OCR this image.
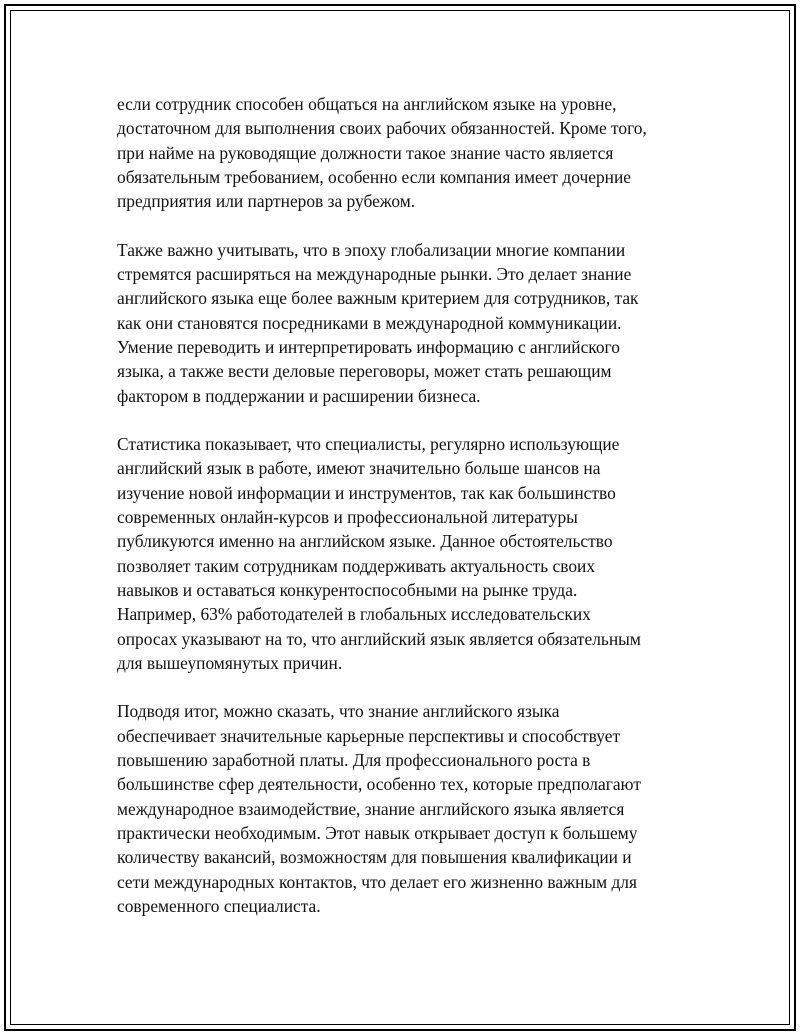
если сотрудник способен общаться на английском языке на уровне,
достаточном для выполнения своих рабочих обязанностей. Кроме того,
при найме на руководящие должности такое знание часто является
обязательным требованием, особенно если компания имеет дочерние
предприятия или партнеров за рубежом.

Также важно учитывать, что в эпоху глобализации многие компании
стремятся расширяться на международные рынки. Это делает знание
английского языка еще более важным критерием для сотрудников, так
как они становятся посредниками в международной коммуникации.
Умение переводить и интерпретировать информацию с английского
языка, а также вести деловые переговоры, может стать решающим
фактором в поддержании и расширении бизнеса.

Статистика показывает, что специалисты, регулярно использующие
английский язык в работе, имеют значительно больше шансов на
изучение новой информации и инструментов, так как большинство
современных онлайн-курсов и профессиональной литературы
публикуются именно на английском языке. Данное обстоятельство
позволяет таким сотрудникам поддерживать актуальность своих
навыков и оставаться конкурентоспособными на рынке труда.
Например, 63% работодателей в глобальных исследовательских
опросах указывают на то, что английский язык является обязательным
для вышеупомянутых причин.

Подводя итог, можно сказать, что знание английского языка
обеспечивает значительные карьерные перспективы и способствует
повышению заработной платы. Для профессионального роста в
большинстве сфер деятельности, особенно тех, которые предполагают
международное взаимодействие, знание английского языка является
практически необходимым. Этот навык открывает доступ к большему
количеству вакансий, возможностям для повышения квалификации и
сети международных контактов, что делает его жизненно важным для
современного специалиста.
